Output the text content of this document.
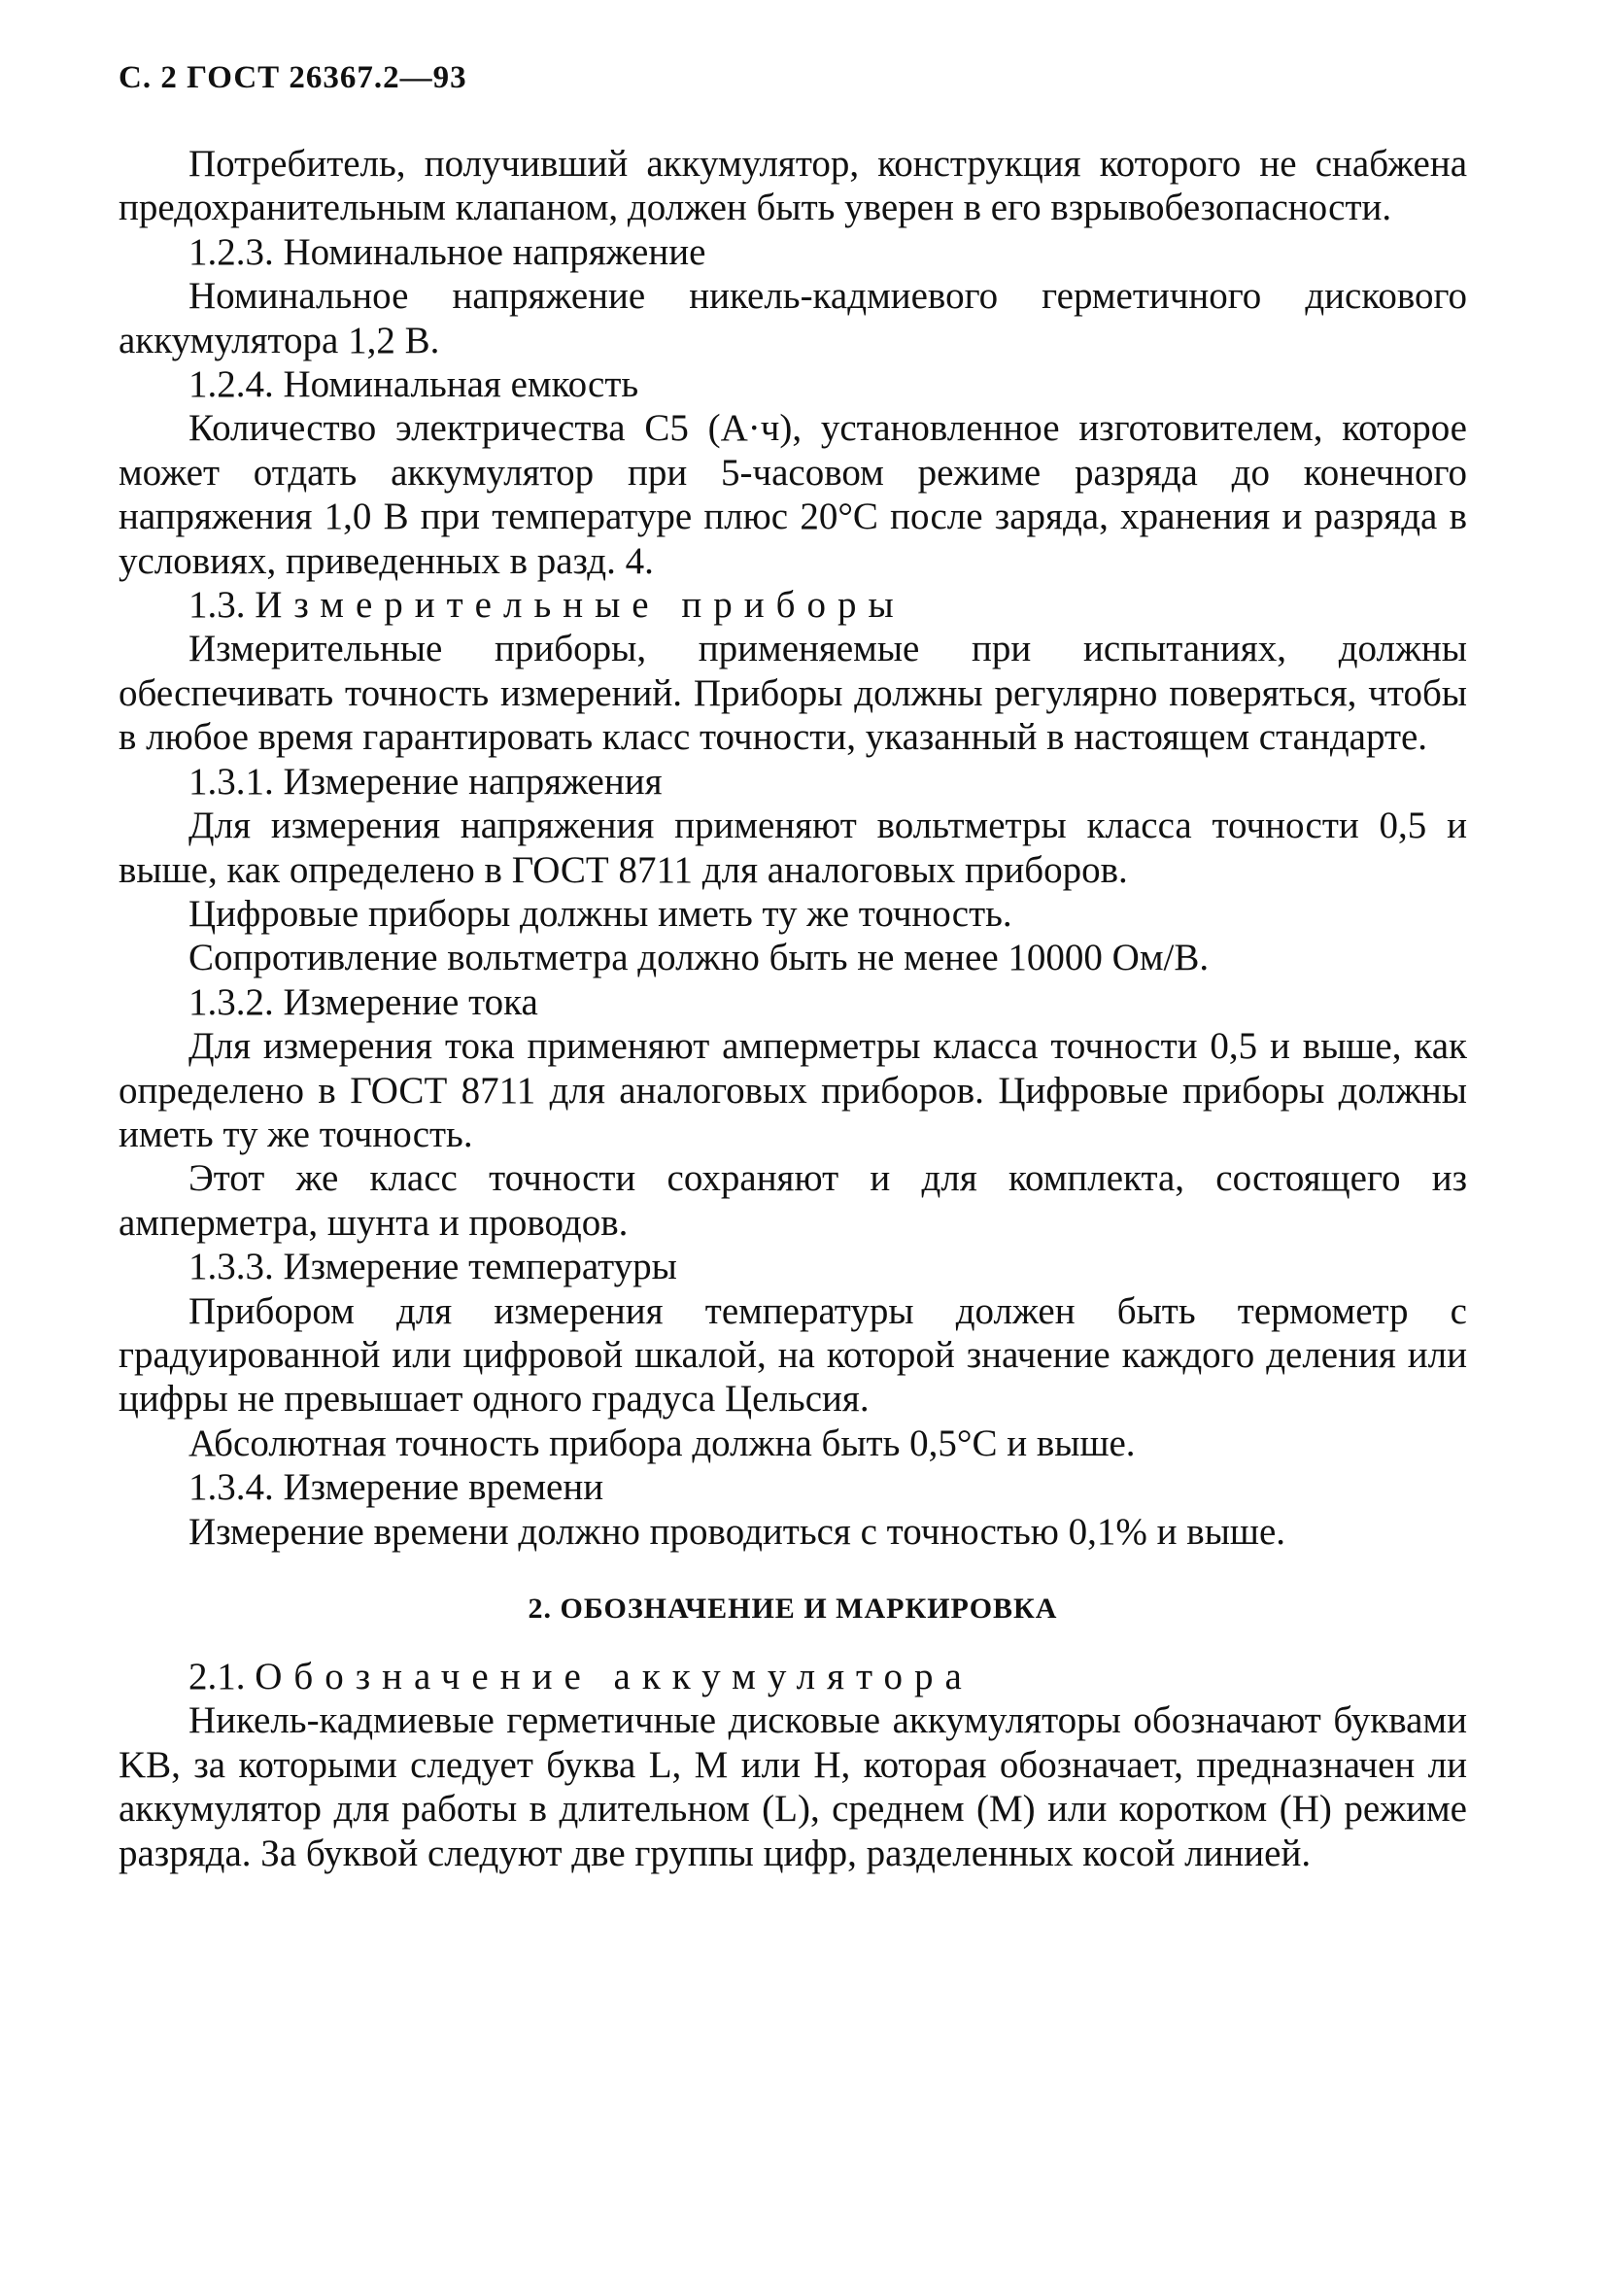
С. 2 ГОСТ 26367.2—93

Потребитель, получивший аккумулятор, конструкция которого не снабжена предохранительным клапаном, должен быть уверен в его взрывобезопасности.

1.2.3. Номинальное напряжение

Номинальное напряжение никель-кадмиевого герметичного дискового аккумулятора 1,2 В.

1.2.4. Номинальная емкость

Количество электричества C5 (А·ч), установленное изготовителем, которое может отдать аккумулятор при 5-часовом режиме разряда до конечного напряжения 1,0 В при температуре плюс 20°С после заряда, хранения и разряда в условиях, приведенных в разд. 4.

1.3. Измерительные приборы

Измерительные приборы, применяемые при испытаниях, должны обеспечивать точность измерений. Приборы должны регулярно поверяться, чтобы в любое время гарантировать класс точности, указанный в настоящем стандарте.

1.3.1. Измерение напряжения

Для измерения напряжения применяют вольтметры класса точности 0,5 и выше, как определено в ГОСТ 8711 для аналоговых приборов.

Цифровые приборы должны иметь ту же точность.

Сопротивление вольтметра должно быть не менее 10000 Ом/В.

1.3.2. Измерение тока

Для измерения тока применяют амперметры класса точности 0,5 и выше, как определено в ГОСТ 8711 для аналоговых приборов. Цифровые приборы должны иметь ту же точность.

Этот же класс точности сохраняют и для комплекта, состоящего из амперметра, шунта и проводов.

1.3.3. Измерение температуры

Прибором для измерения температуры должен быть термометр с градуированной или цифровой шкалой, на которой значение каждого деления или цифры не превышает одного градуса Цельсия.

Абсолютная точность прибора должна быть 0,5°С и выше.

1.3.4. Измерение времени

Измерение времени должно проводиться с точностью 0,1% и выше.

2. ОБОЗНАЧЕНИЕ И МАРКИРОВКА

2.1. Обозначение аккумулятора

Никель-кадмиевые герметичные дисковые аккумуляторы обозначают буквами KB, за которыми следует буква L, М или Н, которая обозначает, предназначен ли аккумулятор для работы в длительном (L), среднем (М) или коротком (Н) режиме разряда. За буквой следуют две группы цифр, разделенных косой линией.
